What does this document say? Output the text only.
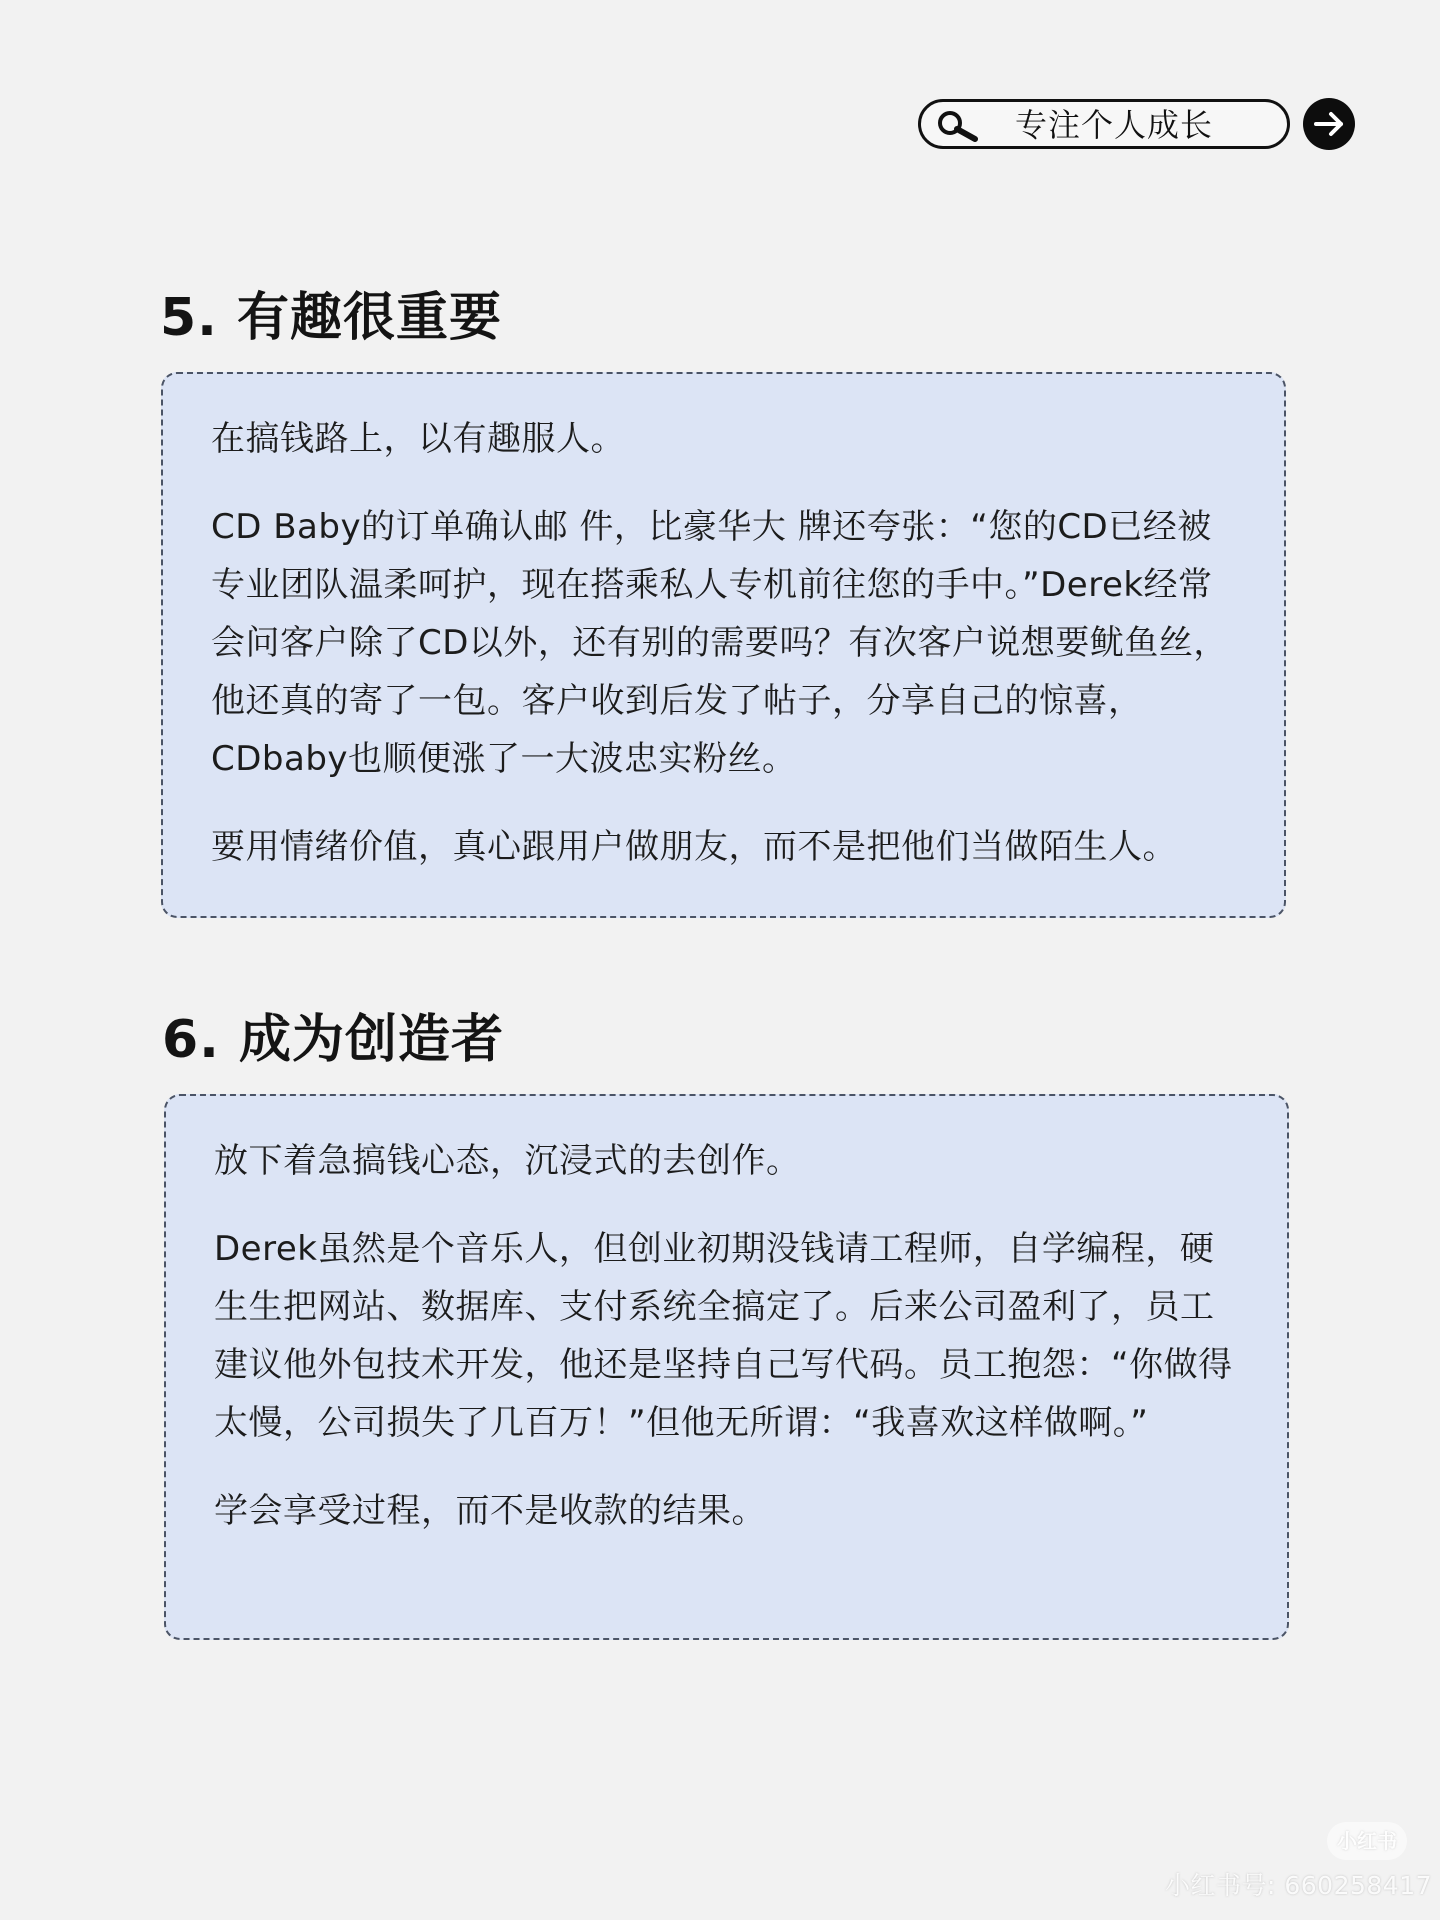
专注个人成长
5. 有趣很重要

在搞钱路上，以有趣服人。

CD Baby的订单确认邮 件，比豪华大 牌还夸张：“您的CD已经被专业团队温柔呵护，现在搭乘私人专机前往您的手中。”Derek经常会问客户除了CD以外，还有别的需要吗？有次客户说想要鱿鱼丝，他还真的寄了一包。客户收到后发了帖子，分享自己的惊喜，CDbaby也顺便涨了一大波忠实粉丝。

要用情绪价值，真心跟用户做朋友，而不是把他们当做陌生人。

6. 成为创造者

放下着急搞钱心态，沉浸式的去创作。

Derek虽然是个音乐人，但创业初期没钱请工程师，自学编程，硬生生把网站、数据库、支付系统全搞定了。后来公司盈利了，员工建议他外包技术开发，他还是坚持自己写代码。员工抱怨：“你做得太慢，公司损失了几百万！”但他无所谓：“我喜欢这样做啊。”

学会享受过程，而不是收款的结果。

小红书
小红书号: 660258417
